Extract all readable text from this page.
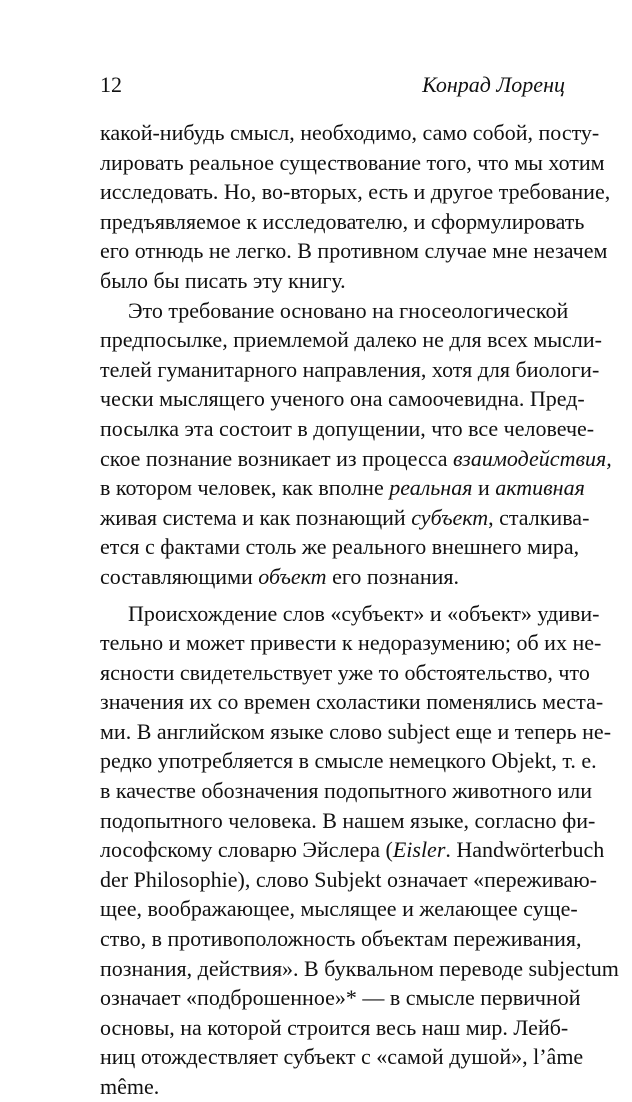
12	Конрад Лоренц
какой-нибудь смысл, необходимо, само собой, посту-
лировать реальное существование того, что мы хотим
исследовать. Но, во-вторых, есть и другое требование,
предъявляемое к исследователю, и сформулировать
его отнюдь не легко. В противном случае мне незачем
было бы писать эту книгу.
Это требование основано на гносеологической
предпосылке, приемлемой далеко не для всех мысли-
телей гуманитарного направления, хотя для биологи-
чески мыслящего ученого она самоочевидна. Пред-
посылка эта состоит в допущении, что все человече-
ское познание возникает из процесса взаимодействия,
в котором человек, как вполне реальная и активная
живая система и как познающий субъект, сталкива-
ется с фактами столь же реального внешнего мира,
составляющими объект его познания.
Происхождение слов «субъект» и «объект» удиви-
тельно и может привести к недоразумению; об их не-
ясности свидетельствует уже то обстоятельство, что
значения их со времен схоластики поменялись места-
ми. В английском языке слово subject еще и теперь не-
редко употребляется в смысле немецкого Objekt, т. е.
в качестве обозначения подопытного животного или
подопытного человека. В нашем языке, согласно фи-
лософскому словарю Эйслера (Eisler. Handwörterbuch
der Philosophie), слово Subjekt означает «переживаю-
щее, воображающее, мыслящее и желающее суще-
ство, в противоположность объектам переживания,
познания, действия». В буквальном переводе subjectum
означает «подброшенное»* — в смысле первичной
основы, на которой строится весь наш мир. Лейб-
ниц отождествляет субъект с «самой душой», l’âme
même.
